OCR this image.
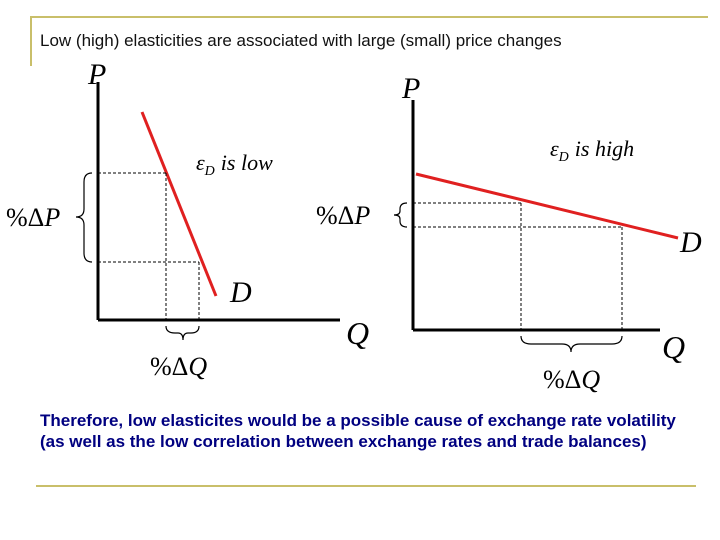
Low (high) elasticities are associated with large (small) price changes
P
Q
D
$\varepsilon_D$ is low
%ΔP
%ΔQ
P
Q
D
$\varepsilon_D$ is high
%ΔP
%ΔQ
Therefore, low elasticites would be a possible cause of exchange rate volatility (as well as the low correlation between exchange rates and trade balances)
